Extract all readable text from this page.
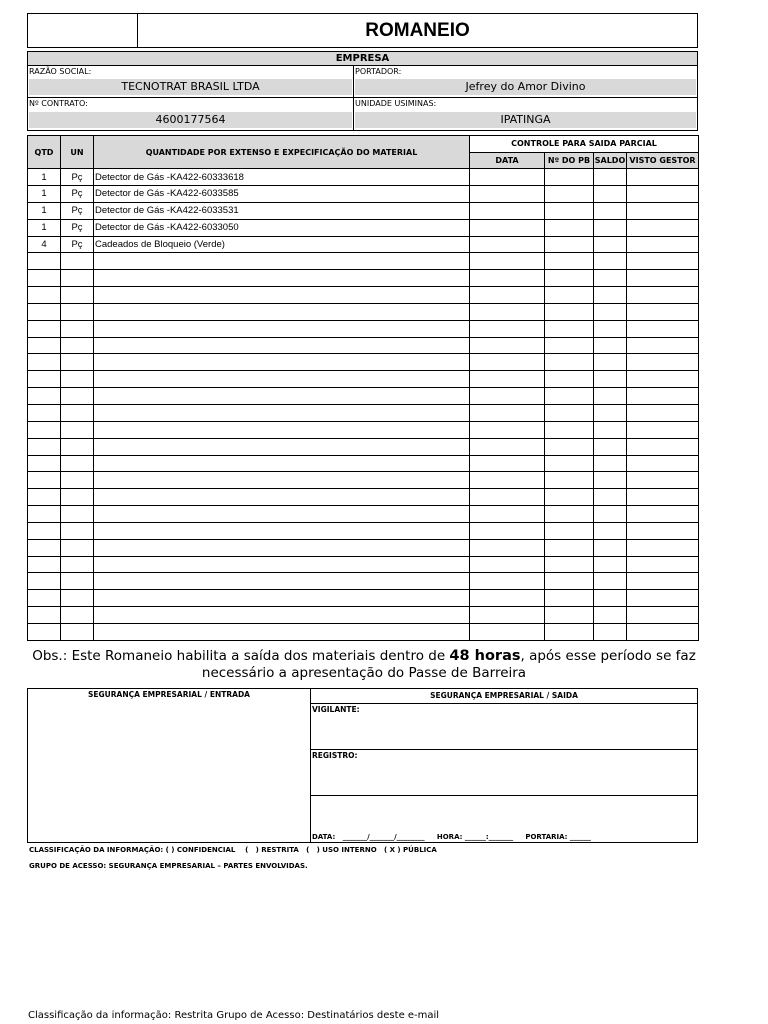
ROMANEIO
EMPRESA
RAZÃO SOCIAL:
TECNOTRAT BRASIL LTDA
PORTADOR:
Jefrey do Amor Divino
Nº CONTRATO:
4600177564
UNIDADE USIMINAS:
IPATINGA
QTD	UN	QUANTIDADE POR EXTENSO E EXPECIFICAÇÃO DO MATERIAL	CONTROLE PARA SAIDA PARCIAL			
			DATA	Nº DO PB	SALDO	VISTO GESTOR
1	Pç	Detector de Gás -KA422-60333618				
1	Pç	Detector de Gás -KA422-6033585				
1	Pç	Detector de Gás -KA422-6033531				
1	Pç	Detector de Gás -KA422-6033050				
4	Pç	Cadeados de Bloqueio (Verde)				

Obs.: Este Romaneio habilita a saída dos materiais dentro de 48 horas, após esse período se faz necessário a apresentação do Passe de Barreira
SEGURANÇA EMPRESARIAL / ENTRADA	SEGURANÇA EMPRESARIAL / SAIDA
VIGILANTE:
REGISTRO:
DATA:   _______/_______/________     HORA: ______:_______     PORTARIA: ______
CLASSIFICAÇÃO DA INFORMAÇÃO: ( ) CONFIDENCIAL    (   ) RESTRITA   (   ) USO INTERNO   ( X ) PÚBLICA
GRUPO DE ACESSO: SEGURANÇA EMPRESARIAL – PARTES ENVOLVIDAS.
Classificação da informação: Restrita Grupo de Acesso: Destinatários deste e-mail
